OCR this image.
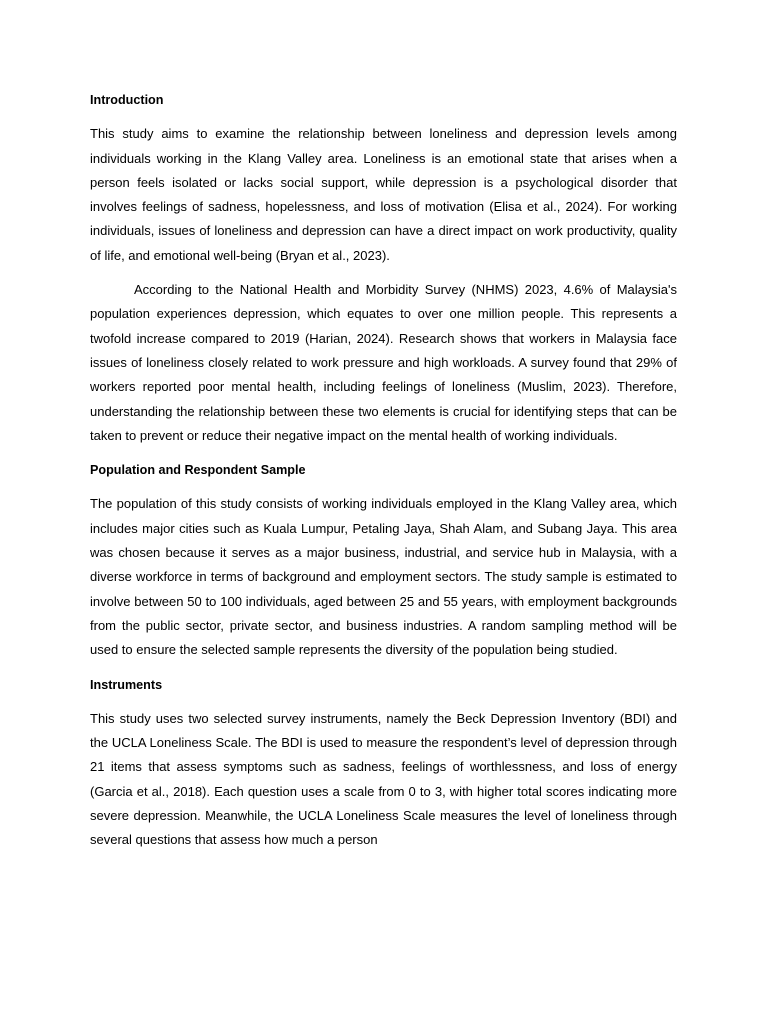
Introduction

This study aims to examine the relationship between loneliness and depression levels among individuals working in the Klang Valley area. Loneliness is an emotional state that arises when a person feels isolated or lacks social support, while depression is a psychological disorder that involves feelings of sadness, hopelessness, and loss of motivation (Elisa et al., 2024). For working individuals, issues of loneliness and depression can have a direct impact on work productivity, quality of life, and emotional well-being (Bryan et al., 2023).

According to the National Health and Morbidity Survey (NHMS) 2023, 4.6% of Malaysia's population experiences depression, which equates to over one million people. This represents a twofold increase compared to 2019 (Harian, 2024). Research shows that workers in Malaysia face issues of loneliness closely related to work pressure and high workloads. A survey found that 29% of workers reported poor mental health, including feelings of loneliness (Muslim, 2023). Therefore, understanding the relationship between these two elements is crucial for identifying steps that can be taken to prevent or reduce their negative impact on the mental health of working individuals.

Population and Respondent Sample

The population of this study consists of working individuals employed in the Klang Valley area, which includes major cities such as Kuala Lumpur, Petaling Jaya, Shah Alam, and Subang Jaya. This area was chosen because it serves as a major business, industrial, and service hub in Malaysia, with a diverse workforce in terms of background and employment sectors. The study sample is estimated to involve between 50 to 100 individuals, aged between 25 and 55 years, with employment backgrounds from the public sector, private sector, and business industries. A random sampling method will be used to ensure the selected sample represents the diversity of the population being studied.

Instruments

This study uses two selected survey instruments, namely the Beck Depression Inventory (BDI) and the UCLA Loneliness Scale. The BDI is used to measure the respondent’s level of depression through 21 items that assess symptoms such as sadness, feelings of worthlessness, and loss of energy (Garcia et al., 2018). Each question uses a scale from 0 to 3, with higher total scores indicating more severe depression. Meanwhile, the UCLA Loneliness Scale measures the level of loneliness through several questions that assess how much a person
